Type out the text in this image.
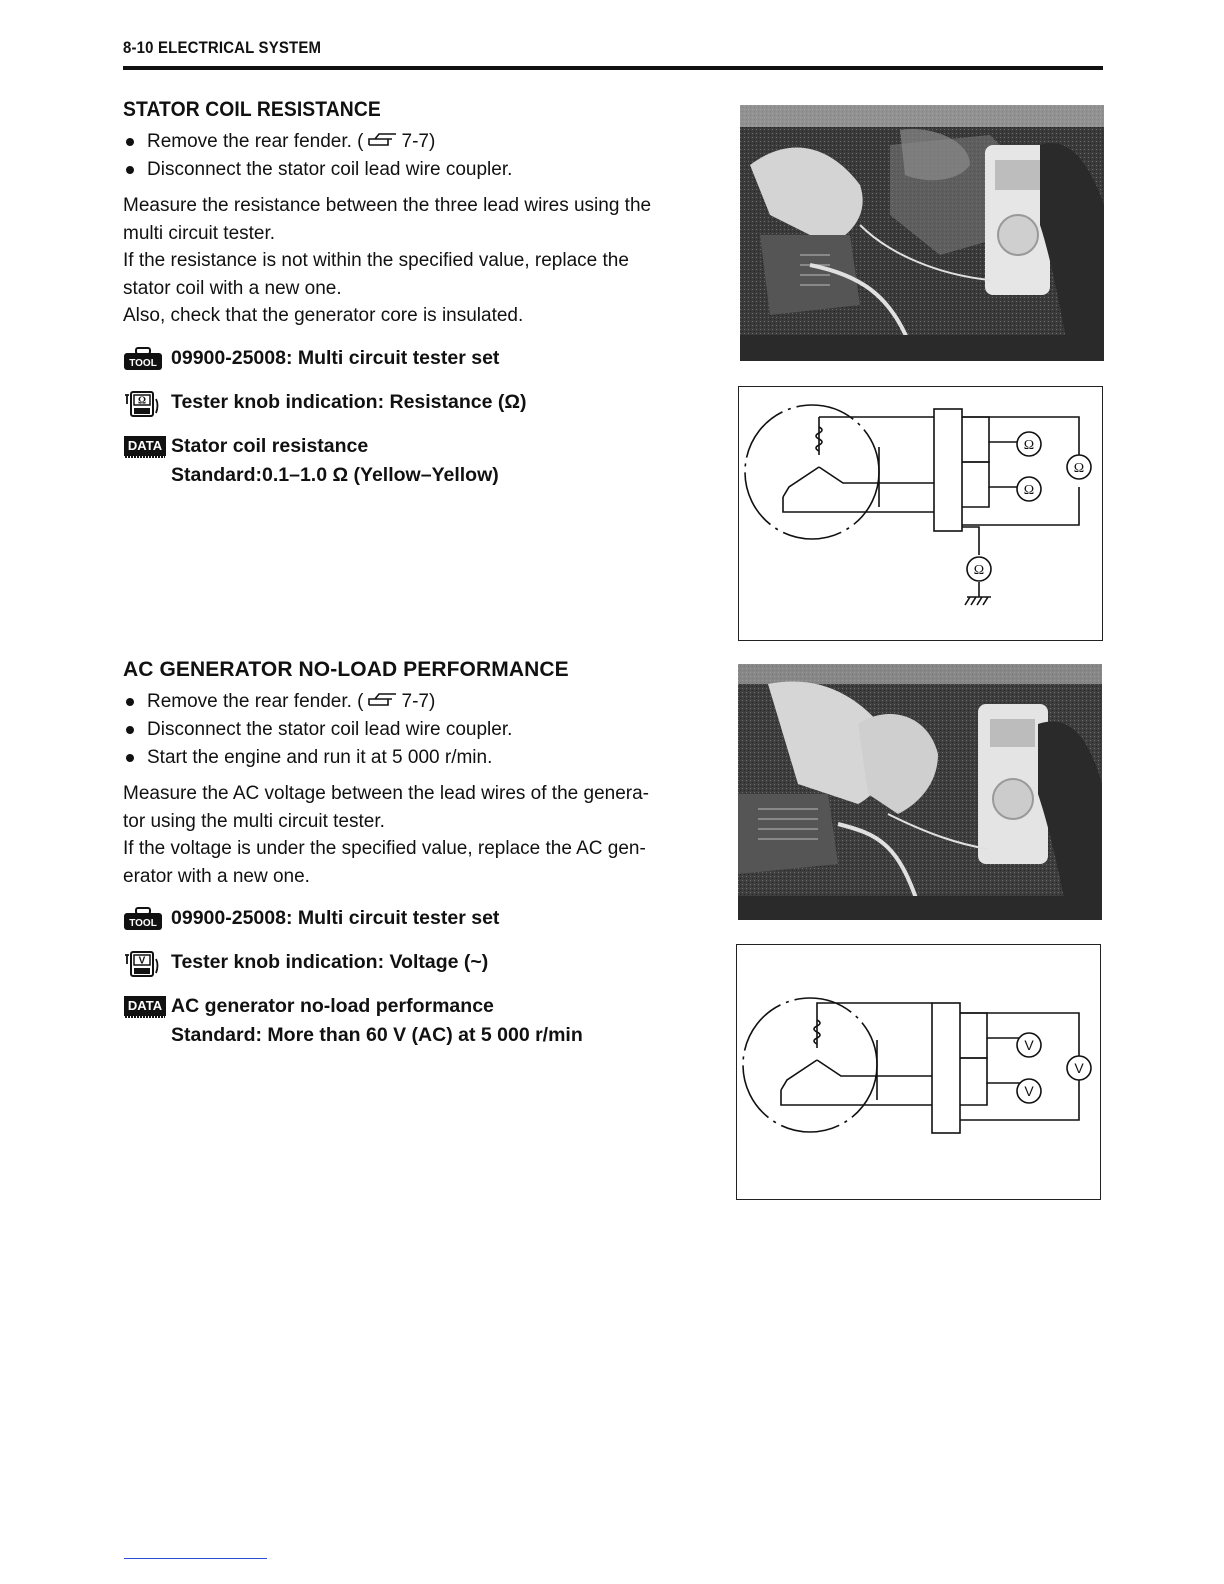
8-10 ELECTRICAL SYSTEM
STATOR COIL RESISTANCE
Remove the rear fender. ( 7-7)
Disconnect the stator coil lead wire coupler.
Measure the resistance between the three lead wires using the
multi circuit tester.
If the resistance is not within the specified value, replace the
stator coil with a new one.
Also, check that the generator core is insulated.
TOOL 09900-25008: Multi circuit tester set
Ω Tester knob indication: Resistance (Ω)
DATA Stator coil resistance
Standard:0.1–1.0 Ω (Yellow–Yellow)
AC GENERATOR NO-LOAD PERFORMANCE
Remove the rear fender. ( 7-7)
Disconnect the stator coil lead wire coupler.
Start the engine and run it at 5 000 r/min.
Measure the AC voltage between the lead wires of the genera-
tor using the multi circuit tester.
If the voltage is under the specified value, replace the AC gen-
erator with a new one.
TOOL 09900-25008: Multi circuit tester set
V Tester knob indication: Voltage (~)
DATA AC generator no-load performance
Standard: More than 60 V (AC) at 5 000 r/min
Ω
Ω
Ω
Ω
V
V
V
